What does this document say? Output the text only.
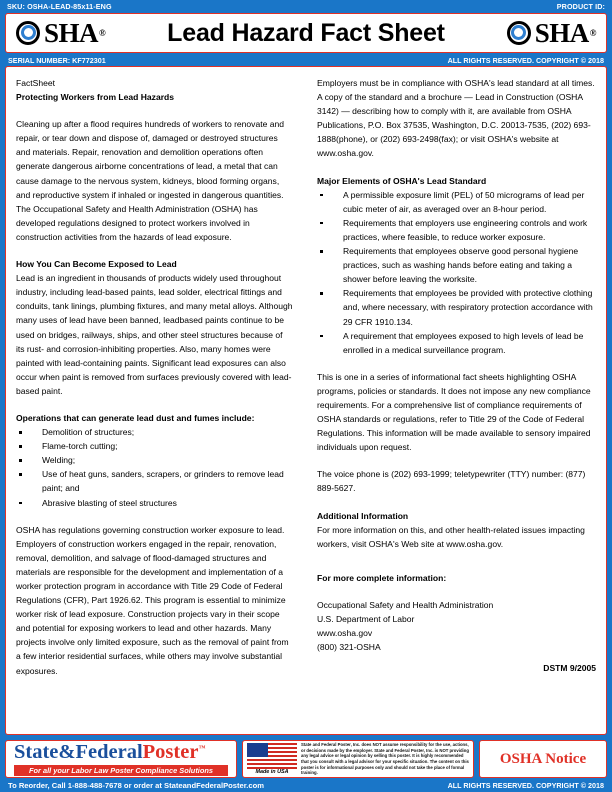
SKU: OSHA-LEAD-85x11-ENG	PRODUCT ID:
SHA ®	Lead Hazard Fact Sheet	SHA ®
SERIAL NUMBER: KF772301	ALL RIGHTS RESERVED. COPYRIGHT © 2018

FactSheet

Protecting Workers from Lead Hazards

Cleaning up after a flood requires hundreds of workers to renovate and repair, or tear down and dispose of, damaged or destroyed structures and materials. Repair, renovation and demolition operations often generate dangerous airborne concentrations of lead, a metal that can cause damage to the nervous system, kidneys, blood forming organs, and reproductive system if inhaled or ingested in dangerous quantities. The Occupational Safety and Health Administration (OSHA) has developed regulations designed to protect workers involved in construction activities from the hazards of lead exposure.

How You Can Become Exposed to Lead

Lead is an ingredient in thousands of products widely used throughout industry, including lead-based paints, lead solder, electrical fittings and conduits, tank linings, plumbing fixtures, and many metal alloys. Although many uses of lead have been banned, leadbased paints continue to be used on bridges, railways, ships, and other steel structures because of its rust- and corrosion-inhibiting properties. Also, many homes were painted with lead-containing paints. Significant lead exposures can also occur when paint is removed from surfaces previously covered with lead-based paint.

Operations that can generate lead dust and fumes include:

Demolition of structures;
Flame-torch cutting;
Welding;
Use of heat guns, sanders, scrapers, or grinders to remove lead paint; and
Abrasive blasting of steel structures

OSHA has regulations governing construction worker exposure to lead. Employers of construction workers engaged in the repair, renovation, removal, demolition, and salvage of flood-damaged structures and materials are responsible for the development and implementation of a worker protection program in accordance with Title 29 Code of Federal Regulations (CFR), Part 1926.62. This program is essential to minimize worker risk of lead exposure. Construction projects vary in their scope and potential for exposing workers to lead and other hazards. Many projects involve only limited exposure, such as the removal of paint from a few interior residential surfaces, while others may involve substantial exposures.

Employers must be in compliance with OSHA's lead standard at all times. A copy of the standard and a brochure — Lead in Construction (OSHA 3142) — describing how to comply with it, are available from OSHA Publications, P.O. Box 37535, Washington, D.C. 20013-7535, (202) 693-1888(phone), or (202) 693-2498(fax); or visit OSHA's website at www.osha.gov.

Major Elements of OSHA's Lead Standard

A permissible exposure limit (PEL) of 50 micrograms of lead per cubic meter of air, as averaged over an 8-hour period.
Requirements that employers use engineering controls and work practices, where feasible, to reduce worker exposure.
Requirements that employees observe good personal hygiene practices, such as washing hands before eating and taking a shower before leaving the worksite.
Requirements that employees be provided with protective clothing and, where necessary, with respiratory protection accordance with 29 CFR 1910.134.
A requirement that employees exposed to high levels of lead be enrolled in a medical surveillance program.

This is one in a series of informational fact sheets highlighting OSHA programs, policies or standards. It does not impose any new compliance requirements. For a comprehensive list of compliance requirements of OSHA standards or regulations, refer to Title 29 of the Code of Federal Regulations. This information will be made available to sensory impaired individuals upon request.

The voice phone is (202) 693-1999; teletypewriter (TTY) number: (877) 889-5627.

Additional Information

For more information on this, and other health-related issues impacting workers, visit OSHA's Web site at www.osha.gov.

For more complete information:

Occupational Safety and Health Administration

U.S. Department of Labor

www.osha.gov

(800) 321-OSHA

DSTM 9/2005

State&FederalPoster™
For all your Labor Law Poster Compliance Solutions	Made in USA
State and Federal Poster, Inc. does NOT assume responsibility for the use, actions, or decisions made by the employer. State and Federal Poster, Inc. is NOT providing any legal advice or legal opinion by selling this poster. It is highly recommended that you consult with a legal advisor for your specific situation. The content on this poster is for informational purposes only and should not take the place of formal training.
OSHA Notice
To Reorder, Call 1-888-488-7678 or order at StateandFederalPoster.com	ALL RIGHTS RESERVED. COPYRIGHT © 2018
